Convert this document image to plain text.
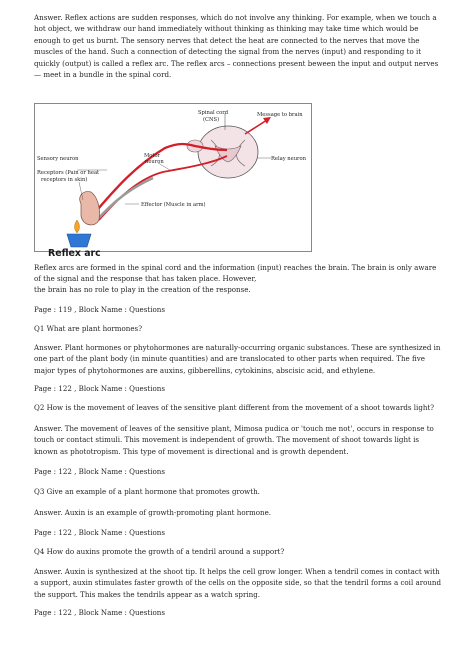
Answer. Reflex actions are sudden responses, which do not involve any thinking. For example, when we touch a hot object, we withdraw our hand immediately without thinking as thinking may take time which would be enough to get us burnt. The sensory nerves that detect the heat are connected to the nerves that move the muscles of the hand. Such a connection of detecting the signal from the nerves (input) and responding to it quickly (output) is called a reflex arc. The reflex arcs – connections present beween the input and output nerves — meet in a bundle in the spinal cord.

Spinal cord
(CNS)
Message to brain
Sensory neuron	Motor
neuron	Relay neuron
Receptors (Pain or heat
receptors in skin)
Effector (Muscle in arm)
Reflex arc

Reflex arcs are formed in the spinal cord and the information (input) reaches the brain. The brain is only aware of the signal and the response that has taken place. However,

the brain has no role to play in the creation of the response.

Page : 119 , Block Name : Questions

Q1 What are plant hormones?

Answer. Plant hormones or phytohormones are naturally-occurring organic substances. These are synthesized in one part of the plant body (in minute quantities) and are translocated to other parts when required. The five major types of phytohormones are auxins, gibberellins, cytokinins, abscisic acid, and ethylene.

Page : 122 , Block Name : Questions

Q2 How is the movement of leaves of the sensitive plant different from the movement of a shoot towards light?

Answer. The movement of leaves of the sensitive plant, Mimosa pudica or 'touch me not', occurs in response to touch or contact stimuli. This movement is independent of growth. The movement of shoot towards light is known as phototropism. This type of movement is directional and is growth dependent.

Page : 122 , Block Name : Questions

Q3 Give an example of a plant hormone that promotes growth.

Answer. Auxin is an example of growth-promoting plant hormone.

Page : 122 , Block Name : Questions

Q4 How do auxins promote the growth of a tendril around a support?

Answer. Auxin is synthesized at the shoot tip. It helps the cell grow longer. When a tendril comes in contact with a support, auxin stimulates faster growth of the cells on the opposite side, so that the tendril forms a coil around the support. This makes the tendrils appear as a watch spring.

Page : 122 , Block Name : Questions
